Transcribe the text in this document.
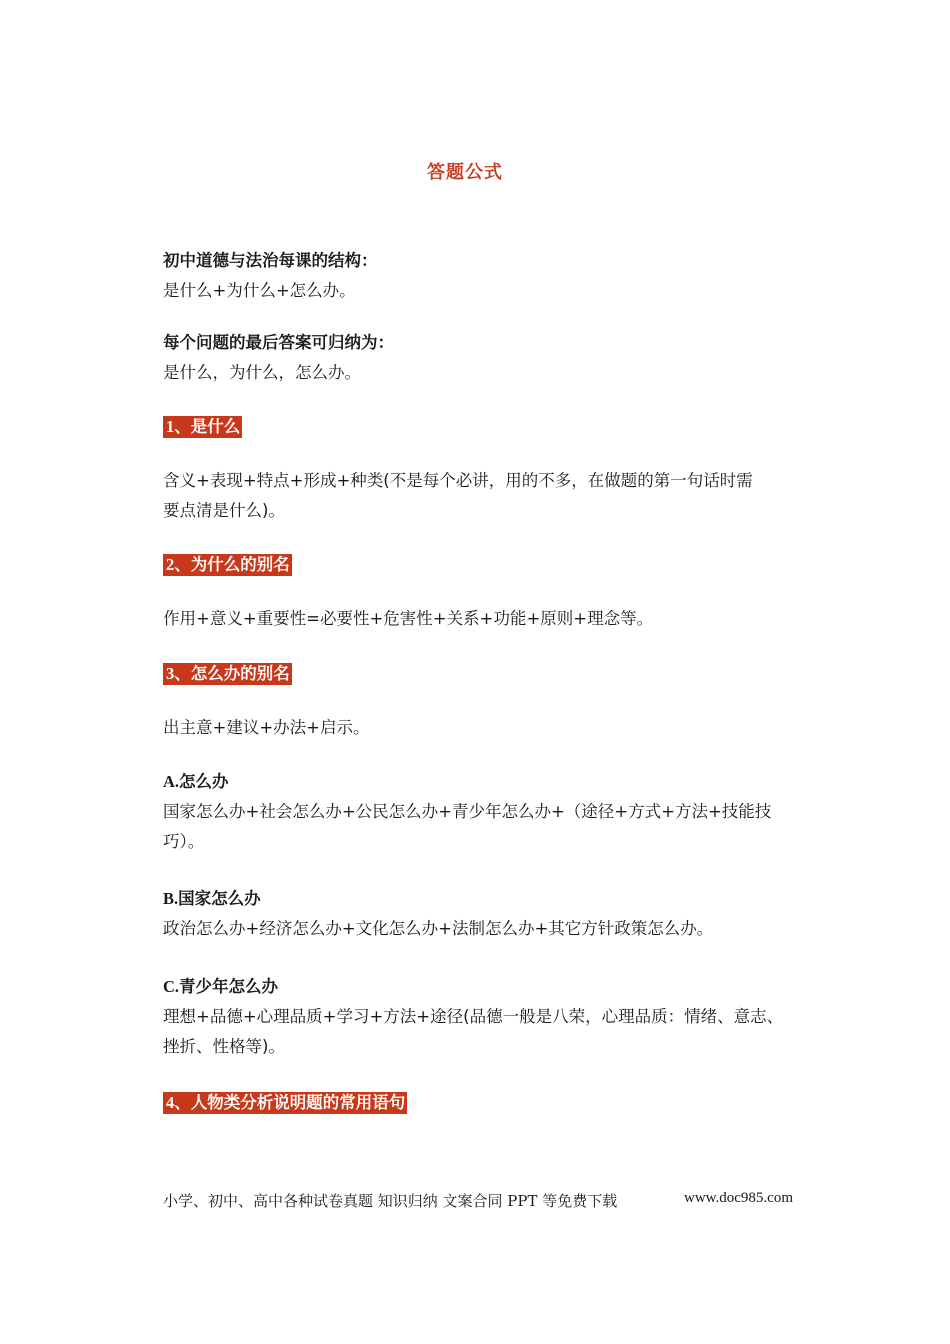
答题公式
初中道德与法治每课的结构：
是什么+为什么+怎么办。
每个问题的最后答案可归纳为：
是什么，为什么，怎么办。
1、是什么
含义+表现+特点+形成+种类(不是每个必讲，用的不多，在做题的第一句话时需
要点清是什么)。
2、为什么的别名
作用+意义+重要性=必要性+危害性+关系+功能+原则+理念等。
3、怎么办的别名
出主意+建议+办法+启示。
A.怎么办
国家怎么办+社会怎么办+公民怎么办+青少年怎么办+（途径+方式+方法+技能技
巧）。
B.国家怎么办
政治怎么办+经济怎么办+文化怎么办+法制怎么办+其它方针政策怎么办。
C.青少年怎么办
理想+品德+心理品质+学习+方法+途径(品德一般是八荣，心理品质：情绪、意志、
挫折、性格等)。
4、人物类分析说明题的常用语句
小学、初中、高中各种试卷真题 知识归纳 文案合同 PPT 等免费下载	www.doc985.com
